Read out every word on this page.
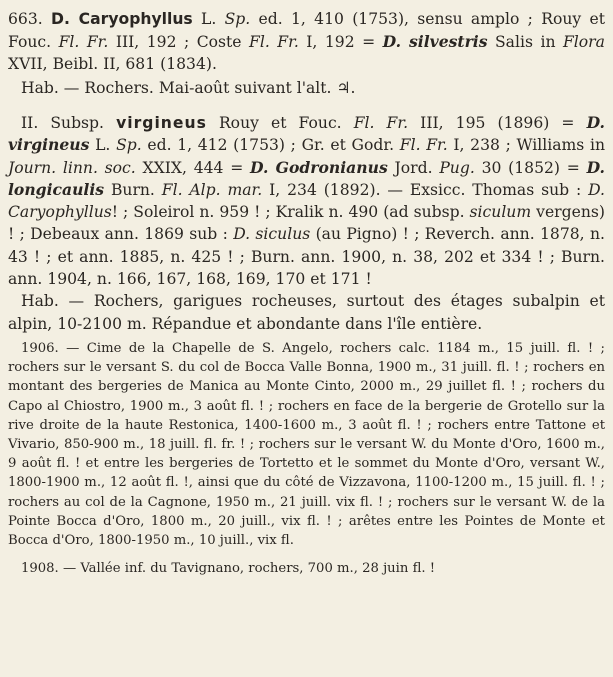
663. D. Caryophyllus L. Sp. ed. 1, 410 (1753), sensu amplo ; Rouy et Fouc. Fl. Fr. III, 192 ; Coste Fl. Fr. I, 192 = D. silvestris Salis in Flora XVII, Beibl. II, 681 (1834).

Hab. — Rochers. Mai-août suivant l'alt. ♃.

II. Subsp. virgineus Rouy et Fouc. Fl. Fr. III, 195 (1896) = D. virgineus L. Sp. ed. 1, 412 (1753) ; Gr. et Godr. Fl. Fr. I, 238 ; Williams in Journ. linn. soc. XXIX, 444 = D. Godronianus Jord. Pug. 30 (1852) = D. longicaulis Burn. Fl. Alp. mar. I, 234 (1892). — Exsicc. Thomas sub : D. Caryophyllus! ; Soleirol n. 959 ! ; Kralik n. 490 (ad subsp. siculum vergens) ! ; Debeaux ann. 1869 sub : D. siculus (au Pigno) ! ; Reverch. ann. 1878, n. 43 ! ; et ann. 1885, n. 425 ! ; Burn. ann. 1900, n. 38, 202 et 334 ! ; Burn. ann. 1904, n. 166, 167, 168, 169, 170 et 171 !

Hab. — Rochers, garigues rocheuses, surtout des étages subalpin et alpin, 10-2100 m. Répandue et abondante dans l'île entière.

1906. — Cime de la Chapelle de S. Angelo, rochers calc. 1184 m., 15 juill. fl. ! ; rochers sur le versant S. du col de Bocca Valle Bonna, 1900 m., 31 juill. fl. ! ; rochers en montant des bergeries de Manica au Monte Cinto, 2000 m., 29 juillet fl. ! ; rochers du Capo al Chiostro, 1900 m., 3 août fl. ! ; rochers en face de la bergerie de Grotello sur la rive droite de la haute Restonica, 1400-1600 m., 3 août fl. ! ; rochers entre Tattone et Vivario, 850-900 m., 18 juill. fl. fr. ! ; rochers sur le versant W. du Monte d'Oro, 1600 m., 9 août fl. ! et entre les bergeries de Tortetto et le sommet du Monte d'Oro, versant W., 1800-1900 m., 12 août fl. !, ainsi que du côté de Vizzavona, 1100-1200 m., 15 juill. fl. ! ; rochers au col de la Cagnone, 1950 m., 21 juill. vix fl. ! ; rochers sur le versant W. de la Pointe Bocca d'Oro, 1800 m., 20 juill., vix fl. ! ; arêtes entre les Pointes de Monte et Bocca d'Oro, 1800-1950 m., 10 juill., vix fl.

1908. — Vallée inf. du Tavignano, rochers, 700 m., 28 juin fl. !
